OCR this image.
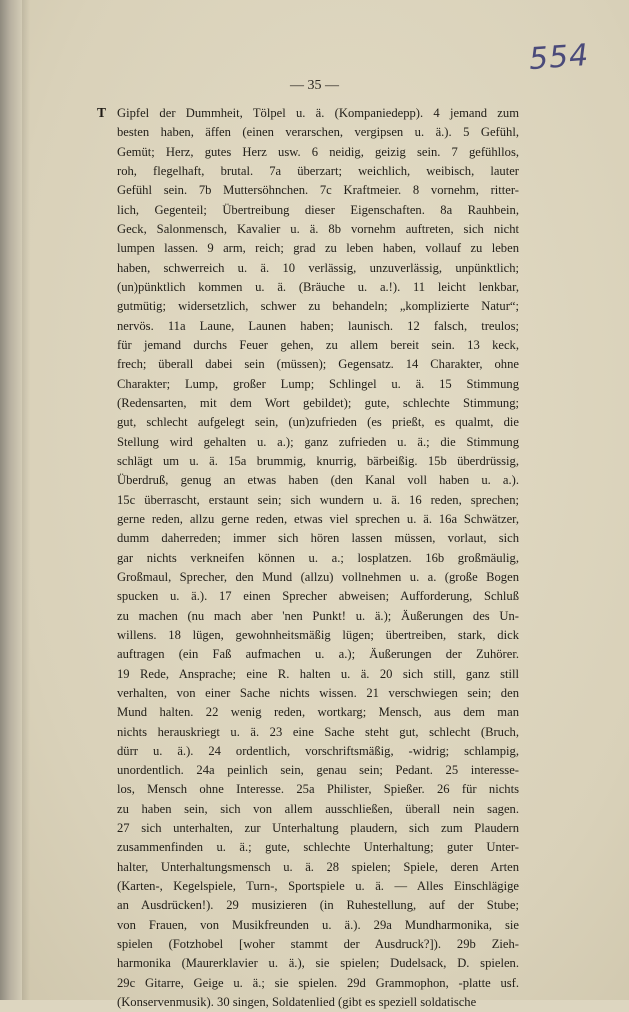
554
— 35 —
T Gipfel der Dummheit, Tölpel u. ä. (Kompaniedepp). 4 jemand zum
besten haben, äffen (einen verarschen, vergipsen u. ä.). 5 Gefühl,
Gemüt; Herz, gutes Herz usw. 6 neidig, geizig sein. 7 gefühllos,
roh, flegelhaft, brutal. 7a überzart; weichlich, weibisch, lauter
Gefühl sein. 7b Muttersöhnchen. 7c Kraftmeier. 8 vornehm, ritter-
lich, Gegenteil; Übertreibung dieser Eigenschaften. 8a Rauhbein,
Geck, Salonmensch, Kavalier u. ä. 8b vornehm auftreten, sich nicht
lumpen lassen. 9 arm, reich; grad zu leben haben, vollauf zu leben
haben, schwerreich u. ä. 10 verlässig, unzuverlässig, unpünktlich;
(un)pünktlich kommen u. ä. (Bräuche u. a.!). 11 leicht lenkbar,
gutmütig; widersetzlich, schwer zu behandeln; „komplizierte Natur“;
nervös. 11a Laune, Launen haben; launisch. 12 falsch, treulos;
für jemand durchs Feuer gehen, zu allem bereit sein. 13 keck,
frech; überall dabei sein (müssen); Gegensatz. 14 Charakter, ohne
Charakter; Lump, großer Lump; Schlingel u. ä. 15 Stimmung
(Redensarten, mit dem Wort gebildet); gute, schlechte Stimmung;
gut, schlecht aufgelegt sein, (un)zufrieden (es prießt, es qualmt, die
Stellung wird gehalten u. a.); ganz zufrieden u. ä.; die Stimmung
schlägt um u. ä. 15a brummig, knurrig, bärbeißig. 15b überdrüssig,
Überdruß, genug an etwas haben (den Kanal voll haben u. a.).
15c überrascht, erstaunt sein; sich wundern u. ä. 16 reden, sprechen;
gerne reden, allzu gerne reden, etwas viel sprechen u. ä. 16a Schwätzer,
dumm daherreden; immer sich hören lassen müssen, vorlaut, sich
gar nichts verkneifen können u. a.; losplatzen. 16b großmäulig,
Großmaul, Sprecher, den Mund (allzu) vollnehmen u. a. (große Bogen
spucken u. ä.). 17 einen Sprecher abweisen; Aufforderung, Schluß
zu machen (nu mach aber 'nen Punkt! u. ä.); Äußerungen des Un-
willens. 18 lügen, gewohnheitsmäßig lügen; übertreiben, stark, dick
auftragen (ein Faß aufmachen u. a.); Äußerungen der Zuhörer.
19 Rede, Ansprache; eine R. halten u. ä. 20 sich still, ganz still
verhalten, von einer Sache nichts wissen. 21 verschwiegen sein; den
Mund halten. 22 wenig reden, wortkarg; Mensch, aus dem man
nichts herauskriegt u. ä. 23 eine Sache steht gut, schlecht (Bruch,
dürr u. ä.). 24 ordentlich, vorschriftsmäßig, -widrig; schlampig,
unordentlich. 24a peinlich sein, genau sein; Pedant. 25 interesse-
los, Mensch ohne Interesse. 25a Philister, Spießer. 26 für nichts
zu haben sein, sich von allem ausschließen, überall nein sagen.
27 sich unterhalten, zur Unterhaltung plaudern, sich zum Plaudern
zusammenfinden u. ä.; gute, schlechte Unterhaltung; guter Unter-
halter, Unterhaltungsmensch u. ä. 28 spielen; Spiele, deren Arten
(Karten-, Kegelspiele, Turn-, Sportspiele u. ä. — Alles Einschlägige
an Ausdrücken!). 29 musizieren (in Ruhestellung, auf der Stube;
von Frauen, von Musikfreunden u. ä.). 29a Mundharmonika, sie
spielen (Fotzhobel [woher stammt der Ausdruck?]). 29b Zieh-
harmonika (Maurerklavier u. ä.), sie spielen; Dudelsack, D. spielen.
29c Gitarre, Geige u. ä.; sie spielen. 29d Grammophon, -platte usf.
(Konservenmusik). 30 singen, Soldatenlied (gibt es speziell soldatische
